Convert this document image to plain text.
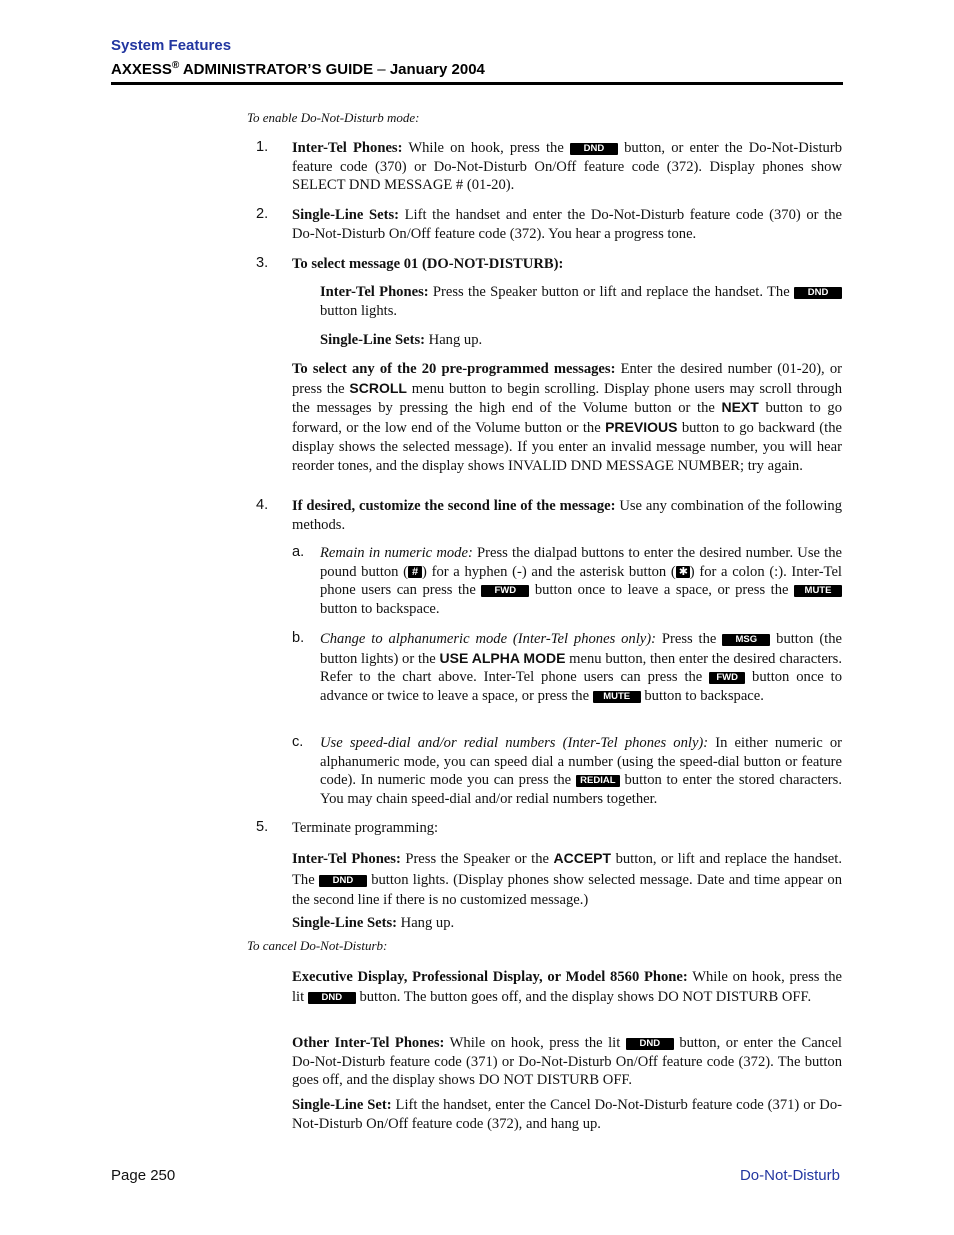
System Features
AXXESS® ADMINISTRATOR’S GUIDE – January 2004
To enable Do-Not-Disturb mode:
1. Inter-Tel Phones: While on hook, press the DND button, or enter the Do-Not-Disturb feature code (370) or Do-Not-Disturb On/Off feature code (372). Display phones show SELECT DND MESSAGE # (01-20).

2. Single-Line Sets: Lift the handset and enter the Do-Not-Disturb feature code (370) or the Do-Not-Disturb On/Off feature code (372). You hear a progress tone.

3. To select message 01 (DO-NOT-DISTURB):

Inter-Tel Phones: Press the Speaker button or lift and replace the handset. The DND button lights.

Single-Line Sets: Hang up.

To select any of the 20 pre-programmed messages: Enter the desired number (01-20), or press the SCROLL menu button to begin scrolling. Display phone users may scroll through the messages by pressing the high end of the Volume button or the NEXT button to go forward, or the low end of the Volume button or the PREVIOUS button to go backward (the display shows the selected message). If you enter an invalid message number, you will hear reorder tones, and the display shows INVALID DND MESSAGE NUMBER; try again.

4. If desired, customize the second line of the message: Use any combination of the following methods.

a. Remain in numeric mode: Press the dialpad buttons to enter the desired number. Use the pound button ( # ) for a hyphen (-) and the asterisk button ( ✱ ) for a colon (:). Inter-Tel phone users can press the FWD button once to leave a space, or press the MUTE button to backspace.

b. Change to alphanumeric mode (Inter-Tel phones only): Press the MSG button (the button lights) or the USE ALPHA MODE menu button, then enter the desired characters. Refer to the chart above. Inter-Tel phone users can press the FWD button once to advance or twice to leave a space, or press the MUTE button to backspace.

c. Use speed-dial and/or redial numbers (Inter-Tel phones only): In either numeric or alphanumeric mode, you can speed dial a number (using the speed-dial button or feature code). In numeric mode you can press the REDIAL button to enter the stored characters. You may chain speed-dial and/or redial numbers together.

5. Terminate programming:

Inter-Tel Phones: Press the Speaker or the ACCEPT button, or lift and replace the handset. The DND button lights. (Display phones show selected message. Date and time appear on the second line if there is no customized message.)

Single-Line Sets: Hang up.

To cancel Do-Not-Disturb:

Executive Display, Professional Display, or Model 8560 Phone: While on hook, press the lit DND button. The button goes off, and the display shows DO NOT DISTURB OFF.

Other Inter-Tel Phones: While on hook, press the lit DND button, or enter the Cancel Do-Not-Disturb feature code (371) or Do-Not-Disturb On/Off feature code (372). The button goes off, and the display shows DO NOT DISTURB OFF.

Single-Line Set: Lift the handset, enter the Cancel Do-Not-Disturb feature code (371) or Do-Not-Disturb On/Off feature code (372), and hang up.

Page 250	Do-Not-Disturb
